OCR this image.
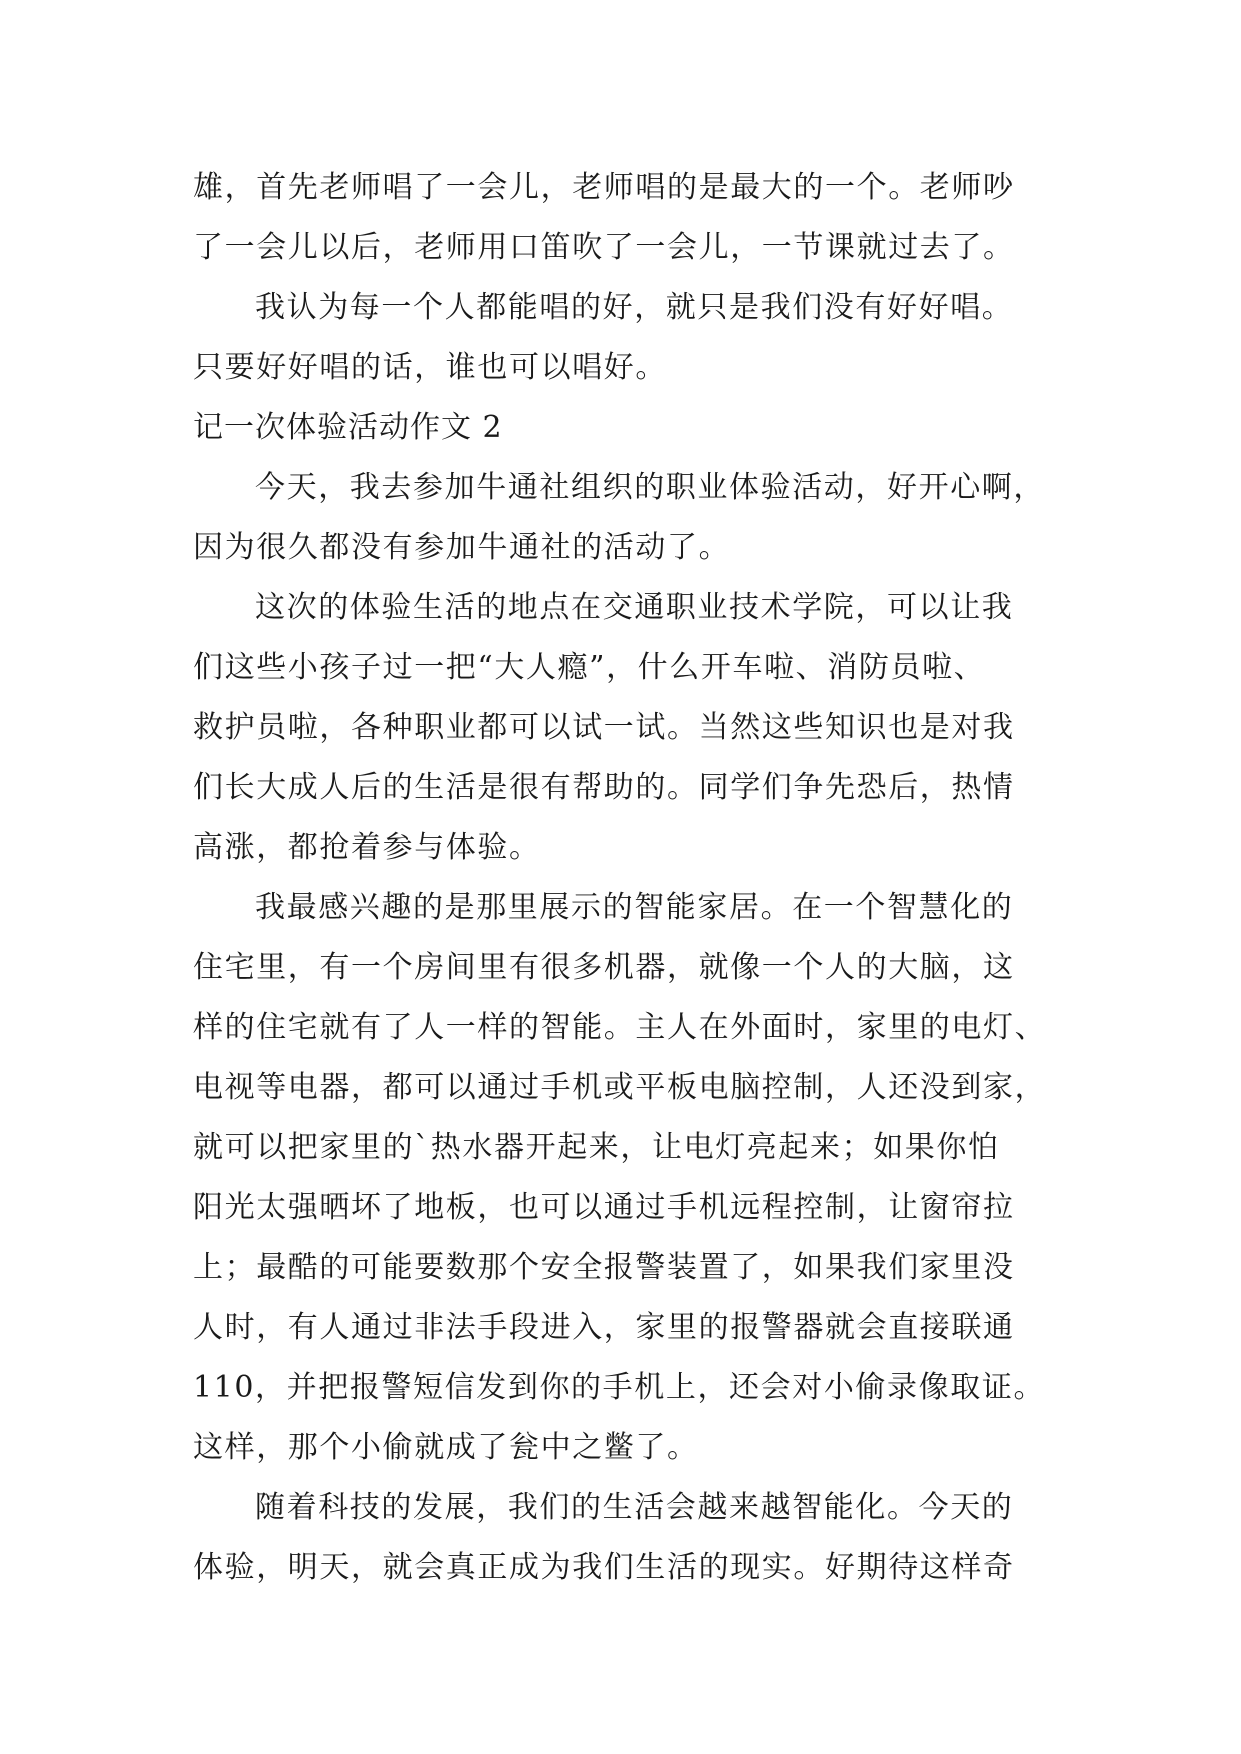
雄，首先老师唱了一会儿，老师唱的是最大的一个。老师吵
了一会儿以后，老师用口笛吹了一会儿，一节课就过去了。
我认为每一个人都能唱的好，就只是我们没有好好唱。
只要好好唱的话，谁也可以唱好。
记一次体验活动作文 2
今天，我去参加牛通社组织的职业体验活动，好开心啊，
因为很久都没有参加牛通社的活动了。
这次的体验生活的地点在交通职业技术学院，可以让我
们这些小孩子过一把“大人瘾”，什么开车啦、消防员啦、
救护员啦，各种职业都可以试一试。当然这些知识也是对我
们长大成人后的生活是很有帮助的。同学们争先恐后，热情
高涨，都抢着参与体验。
我最感兴趣的是那里展示的智能家居。在一个智慧化的
住宅里，有一个房间里有很多机器，就像一个人的大脑，这
样的住宅就有了人一样的智能。主人在外面时，家里的电灯、
电视等电器，都可以通过手机或平板电脑控制，人还没到家，
就可以把家里的`热水器开起来，让电灯亮起来；如果你怕
阳光太强晒坏了地板，也可以通过手机远程控制，让窗帘拉
上；最酷的可能要数那个安全报警装置了，如果我们家里没
人时，有人通过非法手段进入，家里的报警器就会直接联通
110，并把报警短信发到你的手机上，还会对小偷录像取证。
这样，那个小偷就成了瓮中之鳖了。
随着科技的发展，我们的生活会越来越智能化。今天的
体验，明天，就会真正成为我们生活的现实。好期待这样奇
